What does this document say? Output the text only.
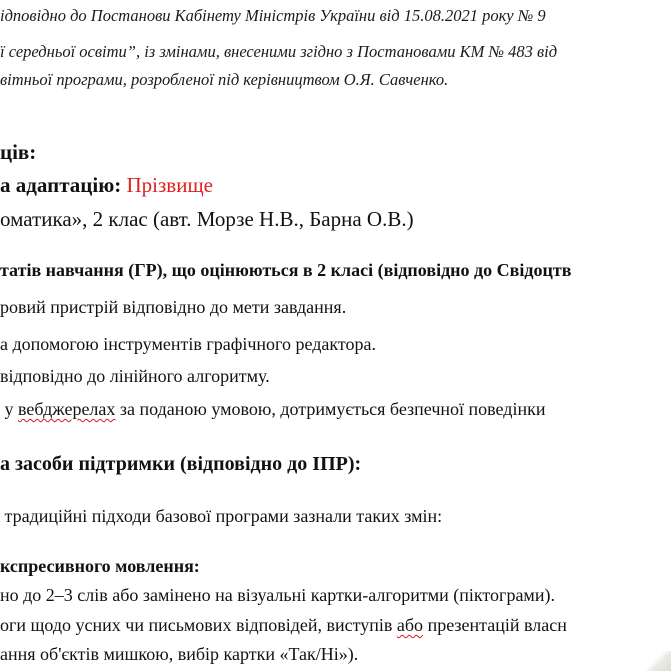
ідповідно до Постанови Кабінету Міністрів України від 15.08.2021 року № 9
ї середньої освіти”, із змінами, внесеними згідно з Постановами КМ № 483 від
вітньої програми, розробленої під керівництвом О.Я. Савченко.
ців:
а адаптацію: Прізвище
оматика», 2 клас (авт. Морзе Н.В., Барна О.В.)
татів навчання (ГР), що оцінюються в 2 класі (відповідно до Свідоцтв
ровий пристрій відповідно до мети завдання.
а допомогою інструментів графічного редактора.
відповідно до лінійного алгоритму.
у вебджерелах за поданою умовою, дотримується безпечної поведінки
а засоби підтримки (відповідно до ІПР):
традиційні підходи базової програми зазнали таких змін:
кспресивного мовлення:
но до 2–3 слів або замінено на візуальні картки-алгоритми (піктограми).
оги щодо усних чи письмових відповідей, виступів або презентацій власн
ання об'єктів мишкою, вибір картки «Так/Ні»).
